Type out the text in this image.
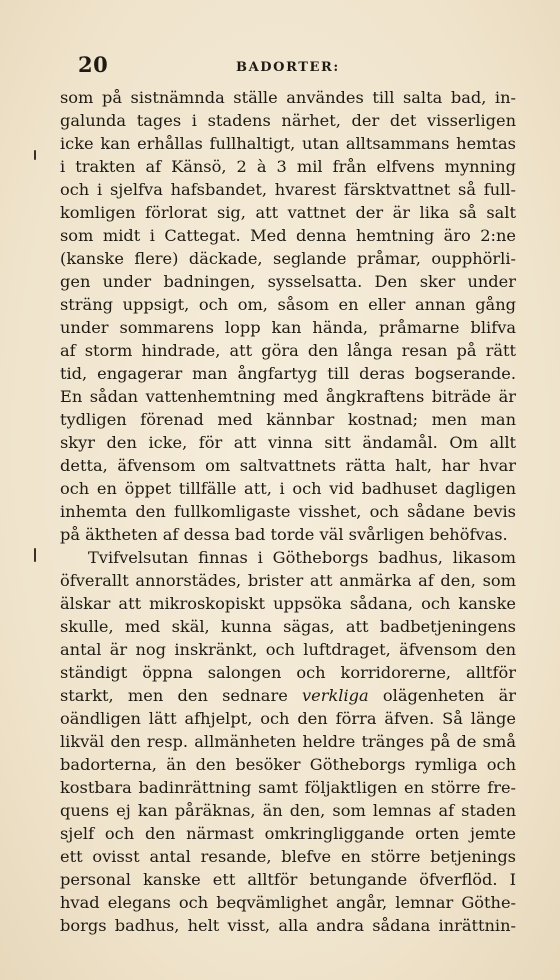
20	BADORTER:
som på sistnämnda ställe användes till salta bad, in-
galunda tages i stadens närhet, der det visserligen
icke kan erhållas fullhaltigt, utan alltsammans hemtas
i trakten af Känsö, 2 à 3 mil från elfvens mynning
och i sjelfva hafsbandet, hvarest färsktvattnet så full-
komligen förlorat sig, att vattnet der är lika så salt
som midt i Cattegat. Med denna hemtning äro 2:ne
(kanske flere) däckade, seglande pråmar, oupphörli-
gen under badningen, sysselsatta. Den sker under
sträng uppsigt, och om, såsom en eller annan gång
under sommarens lopp kan hända, pråmarne blifva
af storm hindrade, att göra den långa resan på rätt
tid, engagerar man ångfartyg till deras bogserande.
En sådan vattenhemtning med ångkraftens biträde är
tydligen förenad med kännbar kostnad; men man
skyr den icke, för att vinna sitt ändamål. Om allt
detta, äfvensom om saltvattnets rätta halt, har hvar
och en öppet tillfälle att, i och vid badhuset dagligen
inhemta den fullkomligaste visshet, och sådane bevis
på äktheten af dessa bad torde väl svårligen behöfvas.
Tvifvelsutan finnas i Götheborgs badhus, likasom
öfverallt annorstädes, brister att anmärka af den, som
älskar att mikroskopiskt uppsöka sådana, och kanske
skulle, med skäl, kunna sägas, att badbetjeningens
antal är nog inskränkt, och luftdraget, äfvensom den
ständigt öppna salongen och korridorerne, alltför
starkt, men den sednare verkliga olägenheten är
oändligen lätt afhjelpt, och den förra äfven. Så länge
likväl den resp. allmänheten heldre tränges på de små
badorterna, än den besöker Götheborgs rymliga och
kostbara badinrättning samt följaktligen en större fre-
quens ej kan påräknas, än den, som lemnas af staden
sjelf och den närmast omkringliggande orten jemte
ett ovisst antal resande, blefve en större betjenings
personal kanske ett alltför betungande öfverflöd. I
hvad elegans och beqvämlighet angår, lemnar Göthe-
borgs badhus, helt visst, alla andra sådana inrättnin-
